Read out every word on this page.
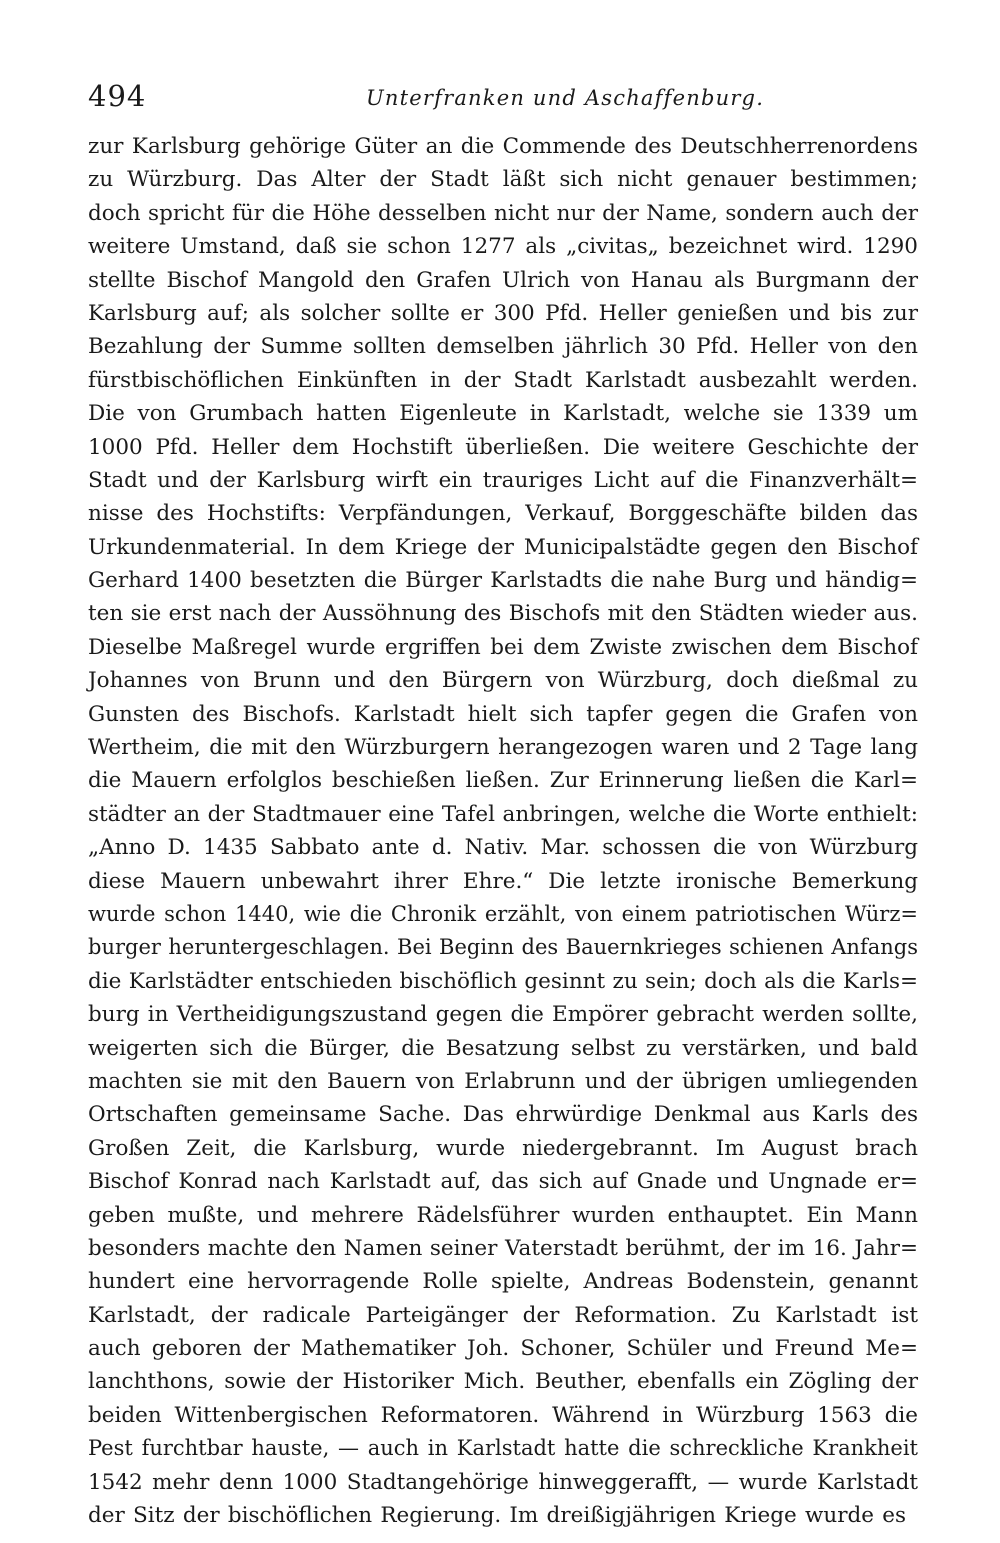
494	Unterfranken und Aschaffenburg.
zur Karlsburg gehörige Güter an die Commende des Deutschherrenordens
zu Würzburg. Das Alter der Stadt läßt sich nicht genauer bestimmen;
doch spricht für die Höhe desselben nicht nur der Name, sondern auch der
weitere Umstand, daß sie schon 1277 als „civitas„ bezeichnet wird. 1290
stellte Bischof Mangold den Grafen Ulrich von Hanau als Burgmann der
Karlsburg auf; als solcher sollte er 300 Pfd. Heller genießen und bis zur
Bezahlung der Summe sollten demselben jährlich 30 Pfd. Heller von den
fürstbischöflichen Einkünften in der Stadt Karlstadt ausbezahlt werden.
Die von Grumbach hatten Eigenleute in Karlstadt, welche sie 1339 um
1000 Pfd. Heller dem Hochstift überließen. Die weitere Geschichte der
Stadt und der Karlsburg wirft ein trauriges Licht auf die Finanzverhält=
nisse des Hochstifts: Verpfändungen, Verkauf, Borggeschäfte bilden das
Urkundenmaterial. In dem Kriege der Municipalstädte gegen den Bischof
Gerhard 1400 besetzten die Bürger Karlstadts die nahe Burg und händig=
ten sie erst nach der Aussöhnung des Bischofs mit den Städten wieder aus.
Dieselbe Maßregel wurde ergriffen bei dem Zwiste zwischen dem Bischof
Johannes von Brunn und den Bürgern von Würzburg, doch dießmal zu
Gunsten des Bischofs. Karlstadt hielt sich tapfer gegen die Grafen von
Wertheim, die mit den Würzburgern herangezogen waren und 2 Tage lang
die Mauern erfolglos beschießen ließen. Zur Erinnerung ließen die Karl=
städter an der Stadtmauer eine Tafel anbringen, welche die Worte enthielt:
„Anno D. 1435 Sabbato ante d. Nativ. Mar. schossen die von Würzburg
diese Mauern unbewahrt ihrer Ehre.“ Die letzte ironische Bemerkung
wurde schon 1440, wie die Chronik erzählt, von einem patriotischen Würz=
burger heruntergeschlagen. Bei Beginn des Bauernkrieges schienen Anfangs
die Karlstädter entschieden bischöflich gesinnt zu sein; doch als die Karls=
burg in Vertheidigungszustand gegen die Empörer gebracht werden sollte,
weigerten sich die Bürger, die Besatzung selbst zu verstärken, und bald
machten sie mit den Bauern von Erlabrunn und der übrigen umliegenden
Ortschaften gemeinsame Sache. Das ehrwürdige Denkmal aus Karls des
Großen Zeit, die Karlsburg, wurde niedergebrannt. Im August brach
Bischof Konrad nach Karlstadt auf, das sich auf Gnade und Ungnade er=
geben mußte, und mehrere Rädelsführer wurden enthauptet. Ein Mann
besonders machte den Namen seiner Vaterstadt berühmt, der im 16. Jahr=
hundert eine hervorragende Rolle spielte, Andreas Bodenstein, genannt
Karlstadt, der radicale Parteigänger der Reformation. Zu Karlstadt ist
auch geboren der Mathematiker Joh. Schoner, Schüler und Freund Me=
lanchthons, sowie der Historiker Mich. Beuther, ebenfalls ein Zögling der
beiden Wittenbergischen Reformatoren. Während in Würzburg 1563 die
Pest furchtbar hauste, — auch in Karlstadt hatte die schreckliche Krankheit
1542 mehr denn 1000 Stadtangehörige hinweggerafft, — wurde Karlstadt
der Sitz der bischöflichen Regierung. Im dreißigjährigen Kriege wurde es
